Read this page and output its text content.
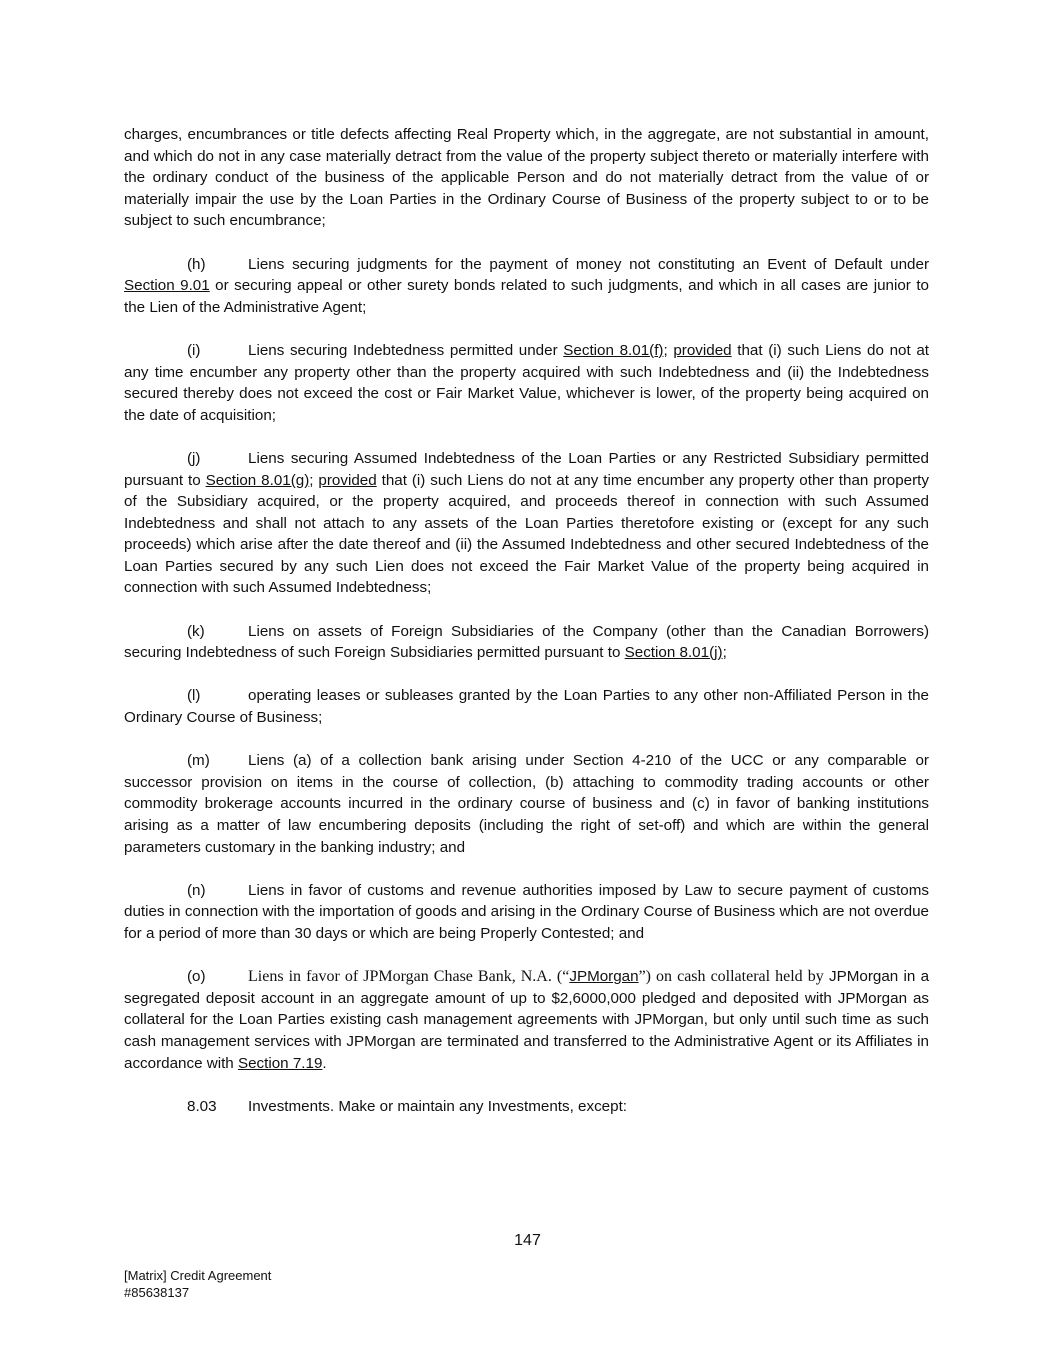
charges, encumbrances or title defects affecting Real Property which, in the aggregate, are not substantial in amount, and which do not in any case materially detract from the value of the property subject thereto or materially interfere with the ordinary conduct of the business of the applicable Person and do not materially detract from the value of or materially impair the use by the Loan Parties in the Ordinary Course of Business of the property subject to or to be subject to such encumbrance;

(h)	Liens securing judgments for the payment of money not constituting an Event of Default under Section 9.01 or securing appeal or other surety bonds related to such judgments, and which in all cases are junior to the Lien of the Administrative Agent;

(i)	Liens securing Indebtedness permitted under Section 8.01(f); provided that (i) such Liens do not at any time encumber any property other than the property acquired with such Indebtedness and (ii) the Indebtedness secured thereby does not exceed the cost or Fair Market Value, whichever is lower, of the property being acquired on the date of acquisition;

(j)	Liens securing Assumed Indebtedness of the Loan Parties or any Restricted Subsidiary permitted pursuant to Section 8.01(g); provided that (i) such Liens do not at any time encumber any property other than property of the Subsidiary acquired, or the property acquired, and proceeds thereof in connection with such Assumed Indebtedness and shall not attach to any assets of the Loan Parties theretofore existing or (except for any such proceeds) which arise after the date thereof and (ii) the Assumed Indebtedness and other secured Indebtedness of the Loan Parties secured by any such Lien does not exceed the Fair Market Value of the property being acquired in connection with such Assumed Indebtedness;

(k)	Liens on assets of Foreign Subsidiaries of the Company (other than the Canadian Borrowers) securing Indebtedness of such Foreign Subsidiaries permitted pursuant to Section 8.01(j);

(l)	operating leases or subleases granted by the Loan Parties to any other non-Affiliated Person in the Ordinary Course of Business;

(m)	Liens (a) of a collection bank arising under Section 4-210 of the UCC or any comparable or successor provision on items in the course of collection, (b) attaching to commodity trading accounts or other commodity brokerage accounts incurred in the ordinary course of business and (c) in favor of banking institutions arising as a matter of law encumbering deposits (including the right of set-off) and which are within the general parameters customary in the banking industry; and

(n)	Liens in favor of customs and revenue authorities imposed by Law to secure payment of customs duties in connection with the importation of goods and arising in the Ordinary Course of Business which are not overdue for a period of more than 30 days or which are being Properly Contested; and

(o)	Liens in favor of JPMorgan Chase Bank, N.A. (“JPMorgan”) on cash collateral held by JPMorgan in a segregated deposit account in an aggregate amount of up to $2,6000,000 pledged and deposited with JPMorgan as collateral for the Loan Parties existing cash management agreements with JPMorgan, but only until such time as such cash management services with JPMorgan are terminated and transferred to the Administrative Agent or its Affiliates in accordance with Section 7.19.

8.03 Investments. Make or maintain any Investments, except:

147
[Matrix] Credit Agreement
#85638137
